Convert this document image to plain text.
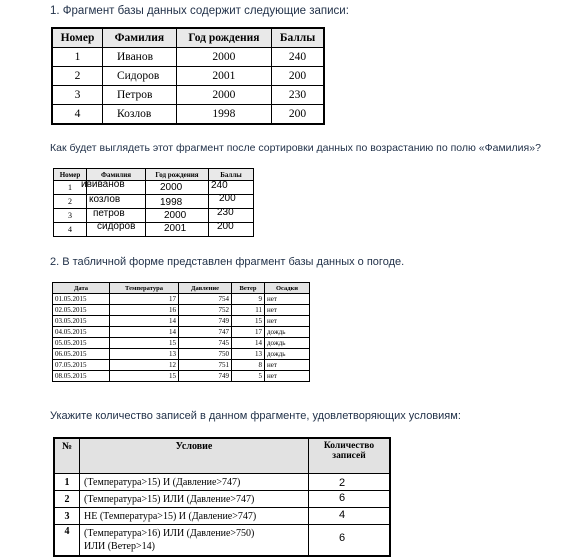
1. Фрагмент базы данных содержит следующие записи:
Номер	Фамилия	Год рождения	Баллы
1	Иванов	2000	240
2	Сидоров	2001	200
3	Петров	2000	230
4	Козлов	1998	200
Как будет выглядеть этот фрагмент после сортировки данных по возрастанию по полю «Фамилия»?
Номер	Фамилия	Год рождения	Баллы
1	ививанов	2000	240

2	козлов	1998	200

3	петров	2000	230

4	сидоров	2001	200
2. В табличной форме представлен фрагмент базы данных о погоде.
Дата	Температура	Давление	Ветер	Осадки
01.05.2015	17	754	9	нет
02.05.2015	16	752	11	нет
03.05.2015	14	749	15	нет
04.05.2015	14	747	17	дождь
05.05.2015	15	745	14	дождь
06.05.2015	13	750	13	дождь
07.05.2015	12	751	8	нет
08.05.2015	15	749	5	нет
Укажите количество записей в данном фрагменте, удовлетворяющих условиям:
№	Условие	Количество записей
1	(Температура>15) И (Давление>747)	2

2	(Температура>15) ИЛИ (Давление>747)	6

3	НЕ (Температура>15) И (Давление>747)	4

4	(Температура>16) ИЛИ (Давление>750)
ИЛИ (Ветер>14)	6
